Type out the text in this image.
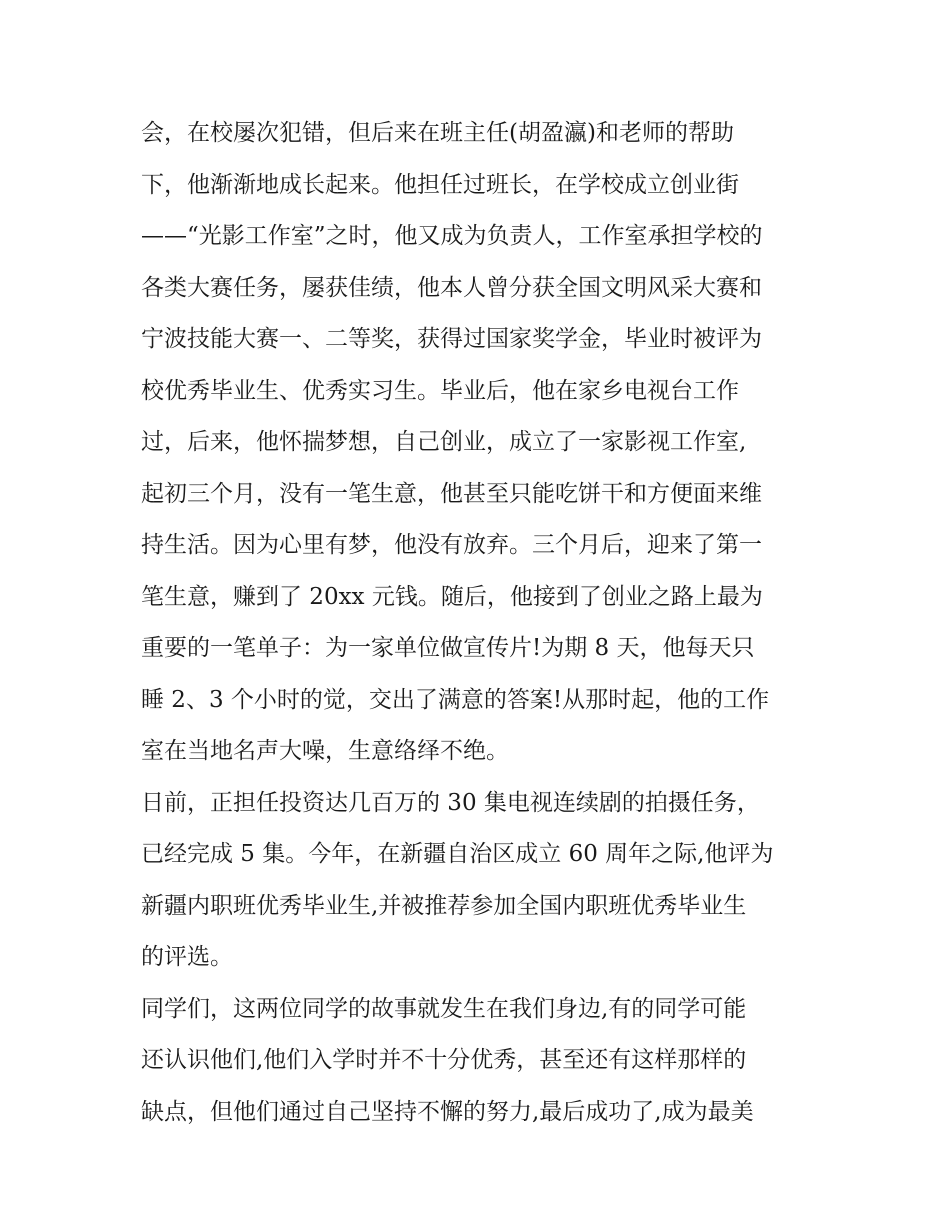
会，在校屡次犯错，但后来在班主任(胡盈瀛)和老师的帮助
下，他渐渐地成长起来。他担任过班长，在学校成立创业街
——“光影工作室”之时，他又成为负责人，工作室承担学校的
各类大赛任务，屡获佳绩，他本人曾分获全国文明风采大赛和
宁波技能大赛一、二等奖，获得过国家奖学金，毕业时被评为
校优秀毕业生、优秀实习生。毕业后，他在家乡电视台工作
过，后来，他怀揣梦想，自己创业，成立了一家影视工作室,
起初三个月，没有一笔生意，他甚至只能吃饼干和方便面来维
持生活。因为心里有梦，他没有放弃。三个月后，迎来了第一
笔生意，赚到了 20xx 元钱。随后，他接到了创业之路上最为
重要的一笔单子：为一家单位做宣传片!为期 8 天，他每天只
睡 2、3 个小时的觉，交出了满意的答案!从那时起，他的工作
室在当地名声大噪，生意络绎不绝。
日前，正担任投资达几百万的 30 集电视连续剧的拍摄任务，
已经完成 5 集。今年，在新疆自治区成立 60 周年之际,他评为
新疆内职班优秀毕业生,并被推荐参加全国内职班优秀毕业生
的评选。
同学们，这两位同学的故事就发生在我们身边,有的同学可能
还认识他们,他们入学时并不十分优秀，甚至还有这样那样的
缺点，但他们通过自己坚持不懈的努力,最后成功了,成为最美
